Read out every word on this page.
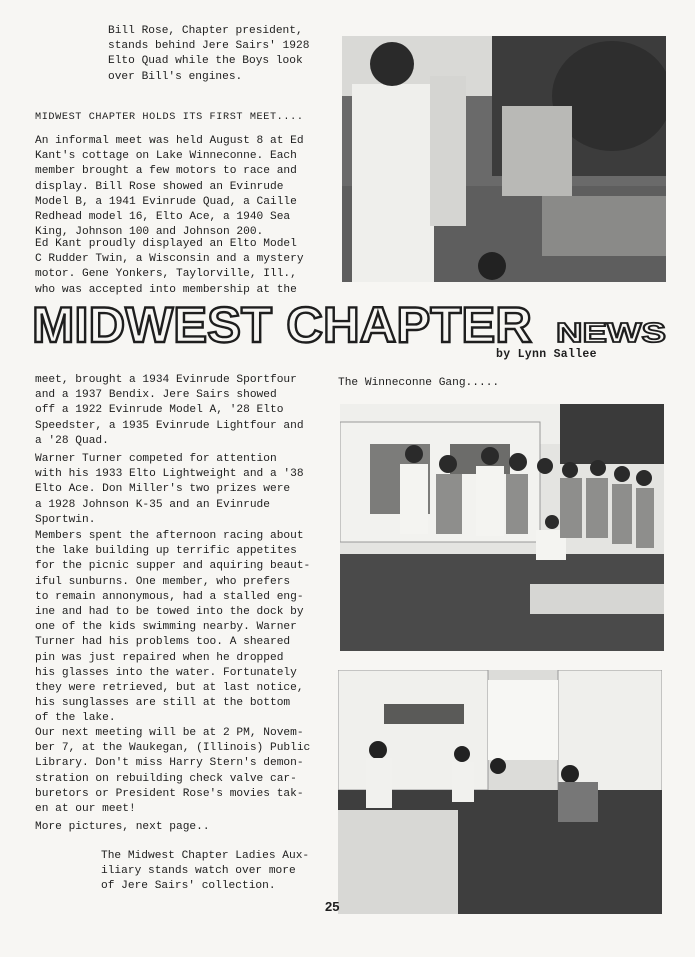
Bill Rose, Chapter president,
stands behind Jere Sairs' 1928
Elto Quad while the Boys look
over Bill's engines.

MIDWEST CHAPTER HOLDS ITS FIRST MEET....

An informal meet was held August 8 at Ed
Kant's cottage on Lake Winneconne. Each
member brought a few motors to race and
display. Bill Rose showed an Evinrude
Model B, a 1941 Evinrude Quad, a Caille
Redhead model 16, Elto Ace, a 1940 Sea
King, Johnson 100 and Johnson 200.

Ed Kant proudly displayed an Elto Model
C Rudder Twin, a Wisconsin and a mystery
motor. Gene Yonkers, Taylorville, Ill.,
who was accepted into membership at the

MIDWEST CHAPTER NEWS
by Lynn Sallee

meet, brought a 1934 Evinrude Sportfour
and a 1937 Bendix. Jere Sairs showed
off a 1922 Evinrude Model A, '28 Elto
Speedster, a 1935 Evinrude Lightfour and
a '28 Quad.

Warner Turner competed for attention
with his 1933 Elto Lightweight and a '38
Elto Ace. Don Miller's two prizes were
a 1928 Johnson K-35 and an Evinrude
Sportwin.

Members spent the afternoon racing about
the lake building up terrific appetites
for the picnic supper and aquiring beaut-
iful sunburns. One member, who prefers
to remain annonymous, had a stalled eng-
ine and had to be towed into the dock by
one of the kids swimming nearby. Warner
Turner had his problems too. A sheared
pin was just repaired when he dropped
his glasses into the water. Fortunately
they were retrieved, but at last notice,
his sunglasses are still at the bottom
of the lake.

Our next meeting will be at 2 PM, Novem-
ber 7, at the Waukegan, (Illinois) Public
Library. Don't miss Harry Stern's demon-
stration on rebuilding check valve car-
buretors or President Rose's movies tak-
en at our meet!

More pictures, next page..

The Winneconne Gang.....

The Midwest Chapter Ladies Aux-
iliary stands watch over more
of Jere Sairs' collection.

25
